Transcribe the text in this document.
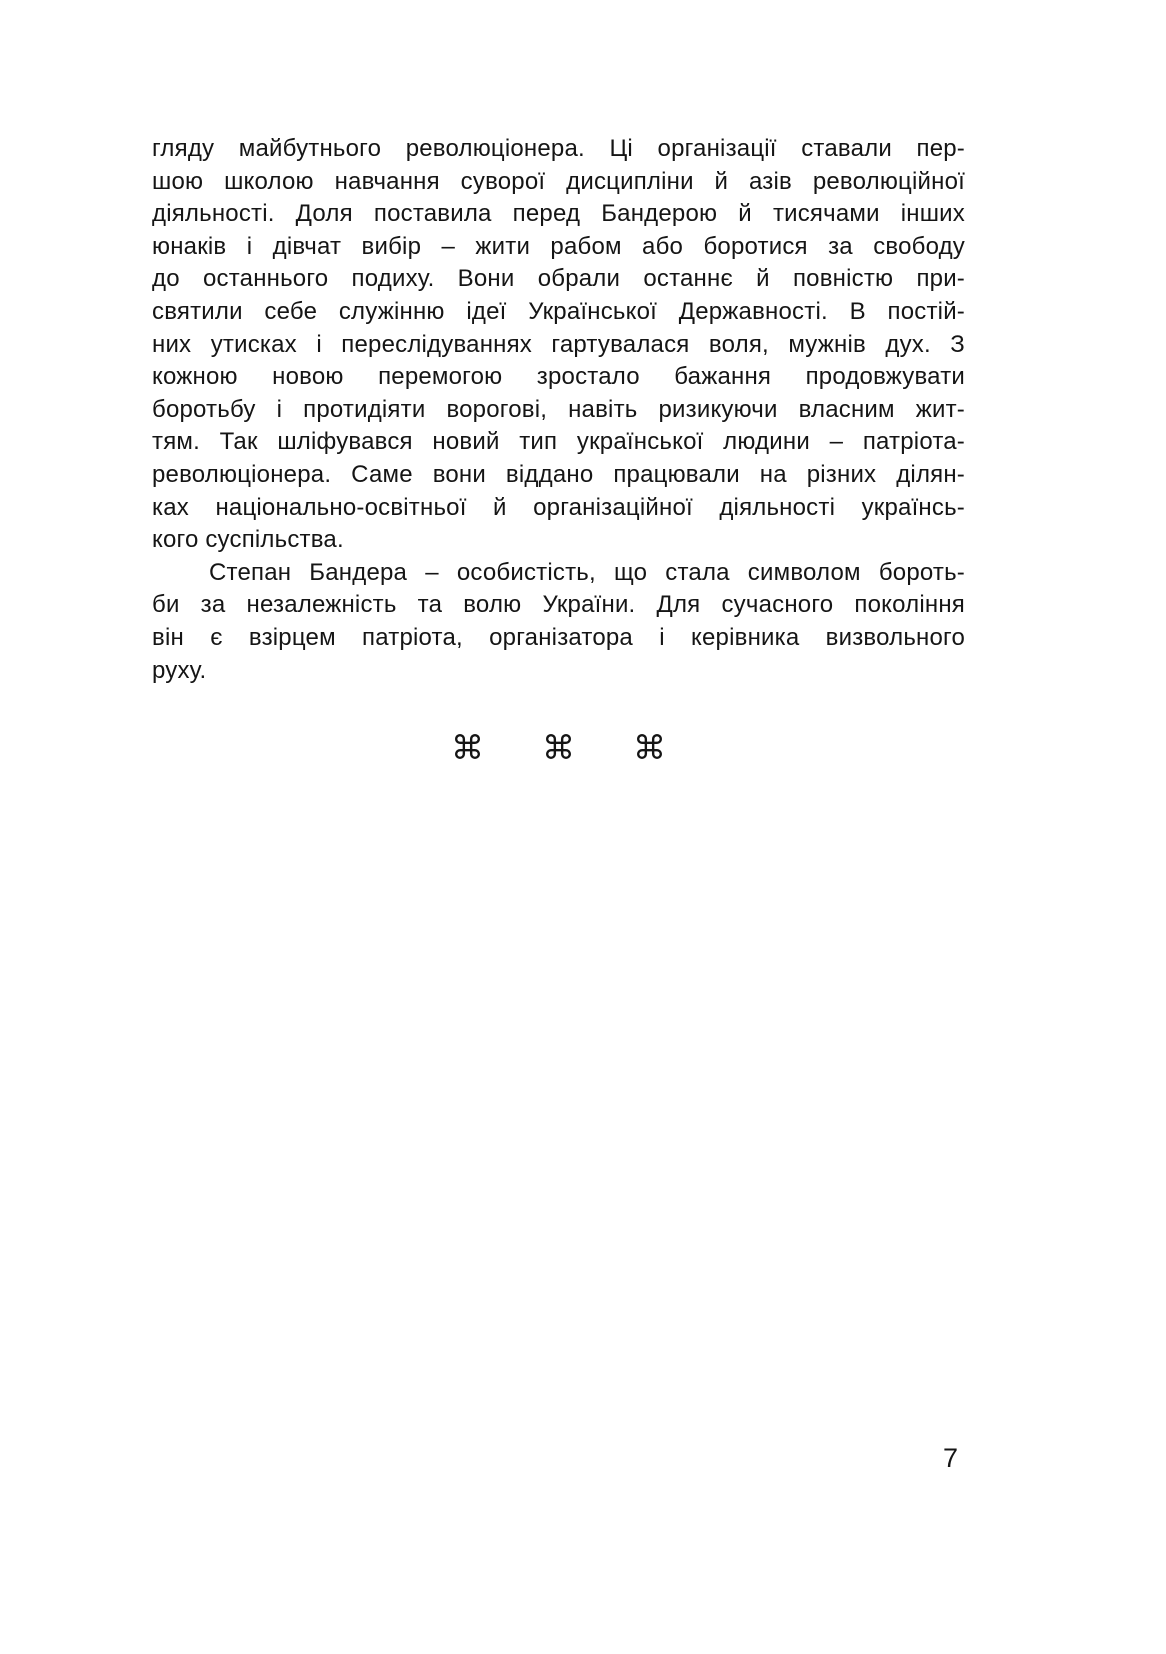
гляду майбутнього революціонера. Ці організації ставали пер-
шою школою навчання суворої дисципліни й азів революційної
діяльності. Доля поставила перед Бандерою й тисячами інших
юнаків і дівчат вибір – жити рабом або боротися за свободу
до останнього подиху. Вони обрали останнє й повністю при-
святили себе служінню ідеї Української Державності. В постій-
них утисках і переслідуваннях гартувалася воля, мужнів дух. З
кожною новою перемогою зростало бажання продовжувати
боротьбу і протидіяти ворогові, навіть ризикуючи власним жит-
тям. Так шліфувався новий тип української людини – патріота-
революціонера. Саме вони віддано працювали на різних ділян-
ках національно-освітньої й організаційної діяльності українсь-
кого суспільства.
Степан Бандера – особистість, що стала символом бороть-
би за незалежність та волю України. Для сучасного покоління
він є взірцем патріота, організатора і керівника визвольного
руху.
⌘ ⌘ ⌘
7
